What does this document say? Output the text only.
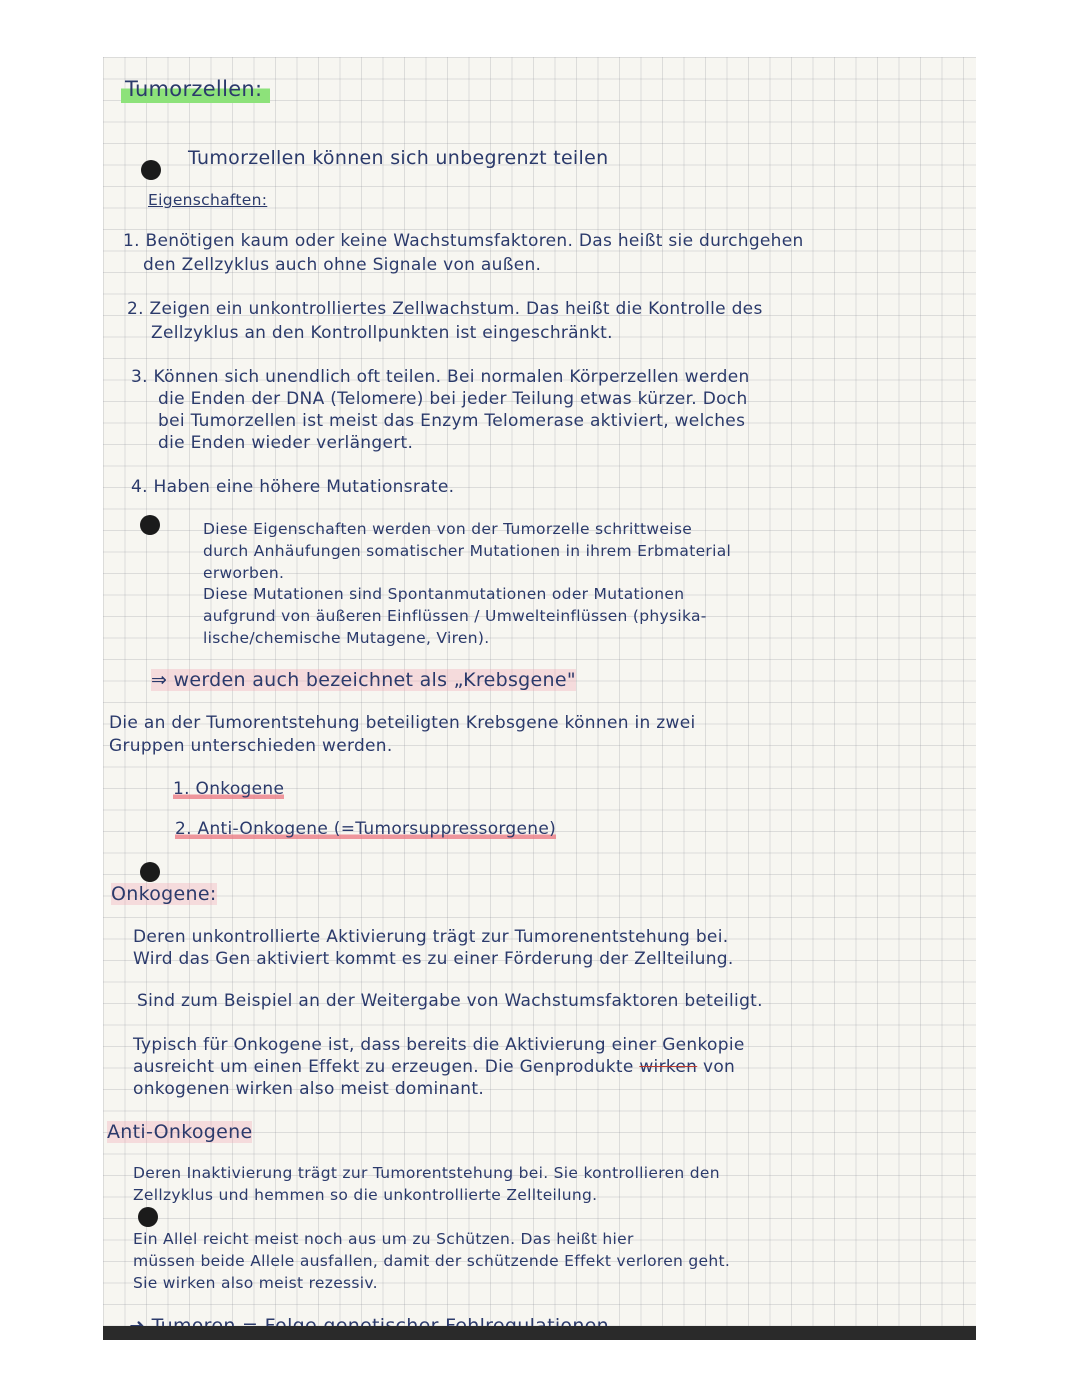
Tumorzellen:
Tumorzellen können sich unbegrenzt teilen
Eigenschaften:
1. Benötigen kaum oder keine Wachstumsfaktoren. Das heißt sie durchgehen
den Zellzyklus auch ohne Signale von außen.
2. Zeigen ein unkontrolliertes Zellwachstum. Das heißt die Kontrolle des
Zellzyklus an den Kontrollpunkten ist eingeschränkt.
3. Können sich unendlich oft teilen. Bei normalen Körperzellen werden
die Enden der DNA (Telomere) bei jeder Teilung etwas kürzer. Doch
bei Tumorzellen ist meist das Enzym Telomerase aktiviert, welches
die Enden wieder verlängert.
4. Haben eine höhere Mutationsrate.
Diese Eigenschaften werden von der Tumorzelle schrittweise
durch Anhäufungen somatischer Mutationen in ihrem Erbmaterial
erworben.
Diese Mutationen sind Spontanmutationen oder Mutationen
aufgrund von äußeren Einflüssen / Umwelteinflüssen (physika-
lische/chemische Mutagene, Viren).
⇒ werden auch bezeichnet als „Krebsgene"
Die an der Tumorentstehung beteiligten Krebsgene können in zwei
Gruppen unterschieden werden.
1. Onkogene
2. Anti-Onkogene (=Tumorsuppressorgene)
Onkogene:
Deren unkontrollierte Aktivierung trägt zur Tumorenentstehung bei.
Wird das Gen aktiviert kommt es zu einer Förderung der Zellteilung.
Sind zum Beispiel an der Weitergabe von Wachstumsfaktoren beteiligt.
Typisch für Onkogene ist, dass bereits die Aktivierung einer Genkopie
ausreicht um einen Effekt zu erzeugen. Die Genprodukte wirken von
onkogenen wirken also meist dominant.
Anti-Onkogene
Deren Inaktivierung trägt zur Tumorentstehung bei. Sie kontrollieren den
Zellzyklus und hemmen so die unkontrollierte Zellteilung.
Ein Allel reicht meist noch aus um zu Schützen. Das heißt hier
müssen beide Allele ausfallen, damit der schützende Effekt verloren geht.
Sie wirken also meist rezessiv.
